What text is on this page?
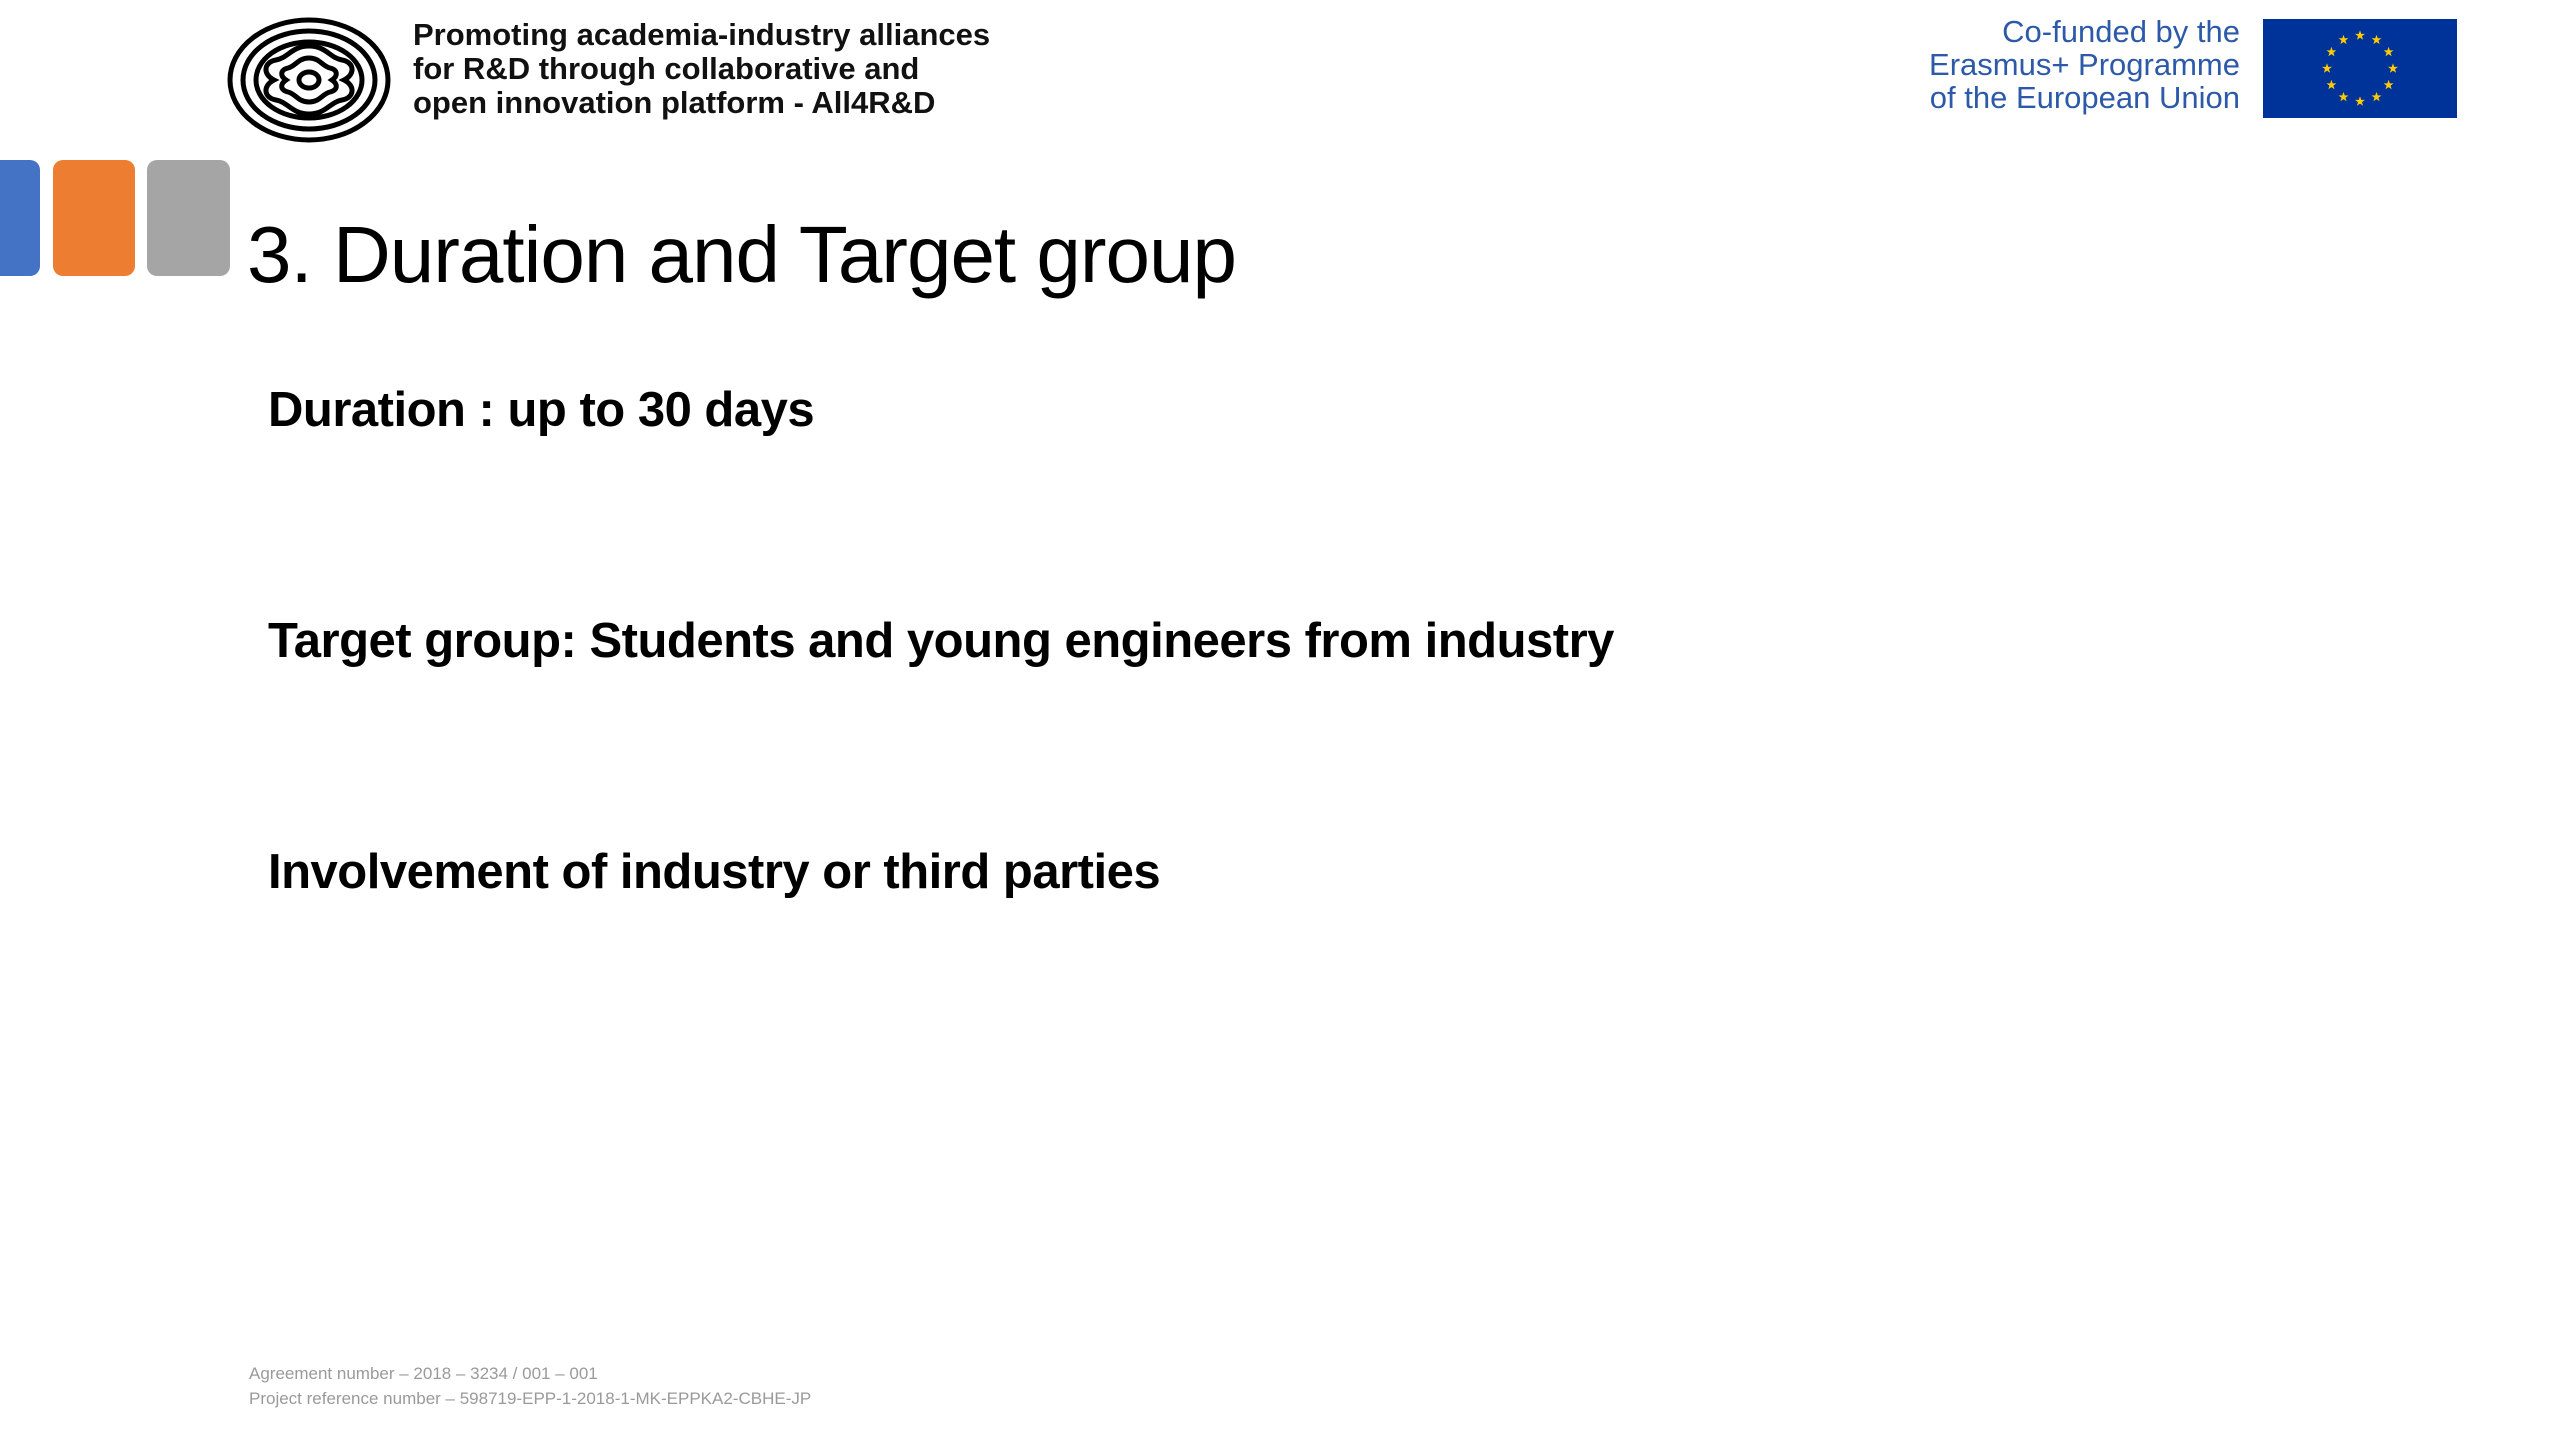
Promoting academia-industry alliances
for R&D through collaborative and
open innovation platform - All4R&D
Co-funded by the
Erasmus+ Programme
of the European Union
3. Duration and Target group
Duration : up to 30 days
Target group: Students and young engineers from industry
Involvement of industry or third parties
Agreement number – 2018 – 3234 / 001 – 001
Project reference number – 598719-EPP-1-2018-1-MK-EPPKA2-CBHE-JP
